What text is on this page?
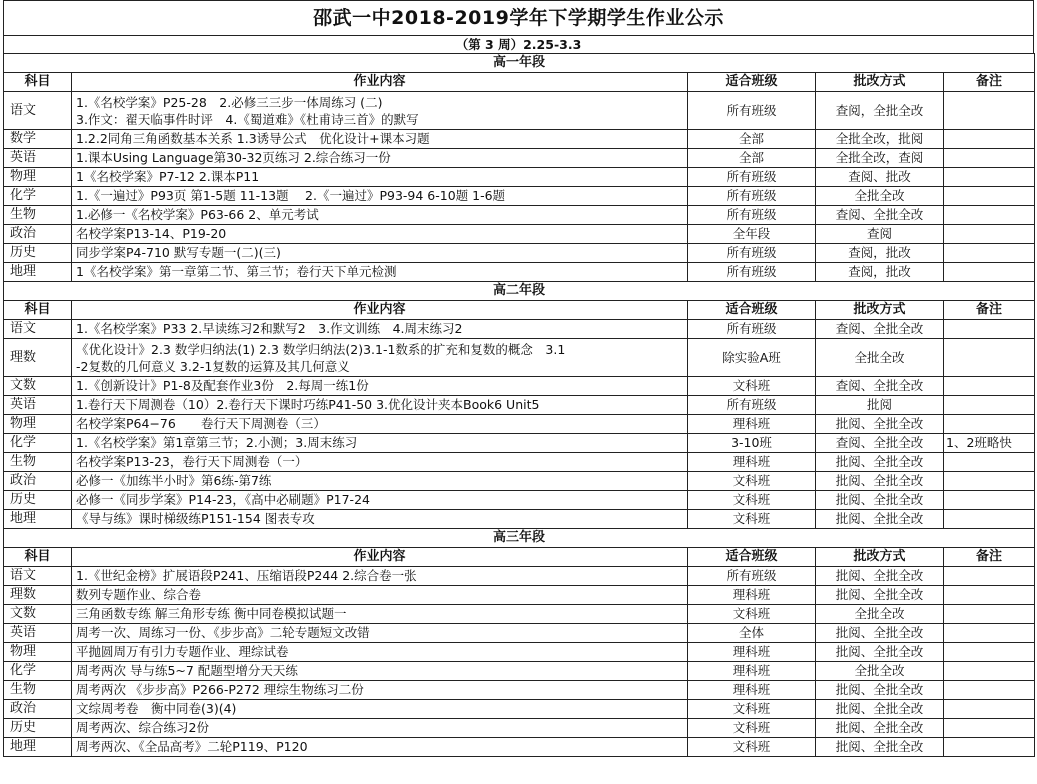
邵武一中2018-2019学年下学期学生作业公示
（第 3 周）2.25-3.3
高一年段				
科目	作业内容	适合班级	批改方式	备注
语文	1.《名校学案》P25-28　2.必修三三步一体周练习 (二)
3.作文：翟天临事件时评　4.《蜀道难》《杜甫诗三首》的默写	所有班级	查阅，全批全改	
数学	1.2.2同角三角函数基本关系 1.3诱导公式　优化设计+课本习题	全部	全批全改，批阅	
英语	1.课本Using Language第30-32页练习 2.综合练习一份	全部	全批全改，查阅	
物理	1《名校学案》P7-12 2.课本P11	所有班级	查阅、批改	
化学	1.《一遍过》P93页 第1-5题 11-13题　 2.《一遍过》P93-94 6-10题 1-6题	所有班级	全批全改	
生物	1.必修一《名校学案》P63-66 2、单元考试	所有班级	查阅、全批全改	
政治	名校学案P13-14、P19-20	全年段	查阅	
历史	同步学案P4-710 默写专题一(二)(三)	所有班级	查阅，批改	
地理	1《名校学案》第一章第二节、第三节；卷行天下单元检测	所有班级	查阅，批改	
高二年段				
科目	作业内容	适合班级	批改方式	备注
语文	1.《名校学案》P33 2.早读练习2和默写2　3.作文训练　4.周末练习2	所有班级	查阅、全批全改	
理数	《优化设计》2.3 数学归纳法(1) 2.3 数学归纳法(2)3.1-1数系的扩充和复数的概念　3.1
-2复数的几何意义 3.2-1复数的运算及其几何意义	除实验A班	全批全改	
文数	1.《创新设计》P1-8及配套作业3份　2.每周一练1份	文科班	查阅、全批全改	
英语	1.卷行天下周测卷（10）2.卷行天下课时巧练P41-50 3.优化设计夹本Book6 Unit5	所有班级	批阅	
物理	名校学案P64−76　　卷行天下周测卷（三）	理科班	批阅、全批全改	
化学	1.《名校学案》第1章第三节；2.小测；3.周末练习	3-10班	查阅、全批全改	1、2班略快
生物	名校学案P13-23，卷行天下周测卷（一）	理科班	批阅、全批全改	
政治	必修一《加练半小时》第6练-第7练	文科班	批阅、全批全改	
历史	必修一《同步学案》P14-23，《高中必刷题》P17-24	文科班	批阅、全批全改	
地理	《导与练》课时梯级练P151-154 图表专攻	文科班	批阅、全批全改	
高三年段				
科目	作业内容	适合班级	批改方式	备注
语文	1.《世纪金榜》扩展语段P241、压缩语段P244 2.综合卷一张	所有班级	批阅、全批全改	
理数	数列专题作业、综合卷	理科班	批阅、全批全改	
文数	三角函数专练 解三角形专练 衡中同卷模拟试题一	文科班	全批全改	
英语	周考一次、周练习一份、《步步高》二轮专题短文改错	全体	批阅、全批全改	
物理	平抛圆周万有引力专题作业、理综试卷	理科班	批阅、全批全改	
化学	周考两次 导与练5~7 配题型增分天天练	理科班	全批全改	
生物	周考两次 《步步高》P266-P272 理综生物练习二份	理科班	批阅、全批全改	
政治	文综周考卷　衡中同卷(3)(4)	文科班	批阅、全批全改	
历史	周考两次、综合练习2份	文科班	批阅、全批全改	
地理	周考两次、《全品高考》二轮P119、P120	文科班	批阅、全批全改	
